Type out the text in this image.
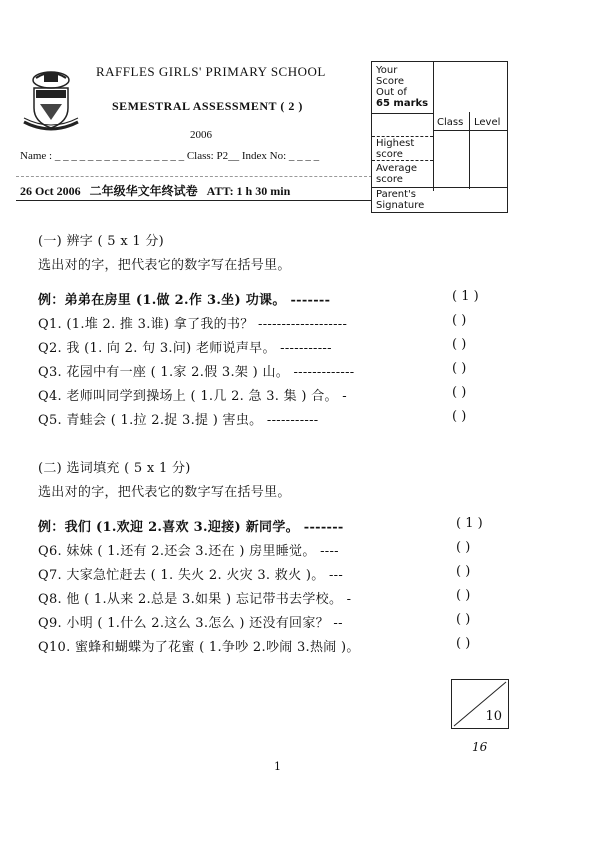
RAFFLES GIRLS' PRIMARY SCHOOL
SEMESTRAL ASSESSMENT ( 2 )
2006
Name : _ _ _ _ _ _ _ _ _ _ _ _ _ _ _ _ Class: P2__ Index No: _ _ _ _
26 Oct 2006 二年级华文年终试卷 ATT: 1 h 30 min
Your
Score
Out of
65 marks
Class Level
Highest
score
Average
score
Parent's
Signature
(一) 辨字 ( 5 x 1 分)
选出对的字，把代表它的数字写在括号里。
例：弟弟在房里 (1.做 2.作 3.坐) 功课。 -------	( 1 )
Q1. (1.堆 2. 推 3.谁) 拿了我的书？ -------------------	( )
Q2. 我 (1. 向 2. 句 3.问) 老师说声早。 -----------	( )
Q3. 花园中有一座 ( 1.家 2.假 3.架 ) 山。 -------------	( )
Q4. 老师叫同学到操场上 ( 1.几 2. 急 3. 集 ) 合。 -	( )
Q5. 青蛙会 ( 1.拉 2.捉 3.提 ) 害虫。 -----------	( )
(二) 选词填充 ( 5 x 1 分)
选出对的字，把代表它的数字写在括号里。
例：我们 (1.欢迎 2.喜欢 3.迎接) 新同学。 -------	( 1 )
Q6. 妹妹 ( 1.还有 2.还会 3.还在 ) 房里睡觉。 ----	( )
Q7. 大家急忙赶去 ( 1. 失火 2. 火灾 3. 救火 )。 ---	( )
Q8. 他 ( 1.从来 2.总是 3.如果 ) 忘记带书去学校。 -	( )
Q9. 小明 ( 1.什么 2.这么 3.怎么 ) 还没有回家？ --	( )
Q10. 蜜蜂和蝴蝶为了花蜜 ( 1.争吵 2.吵闹 3.热闹 )。	( )
10
16
1
